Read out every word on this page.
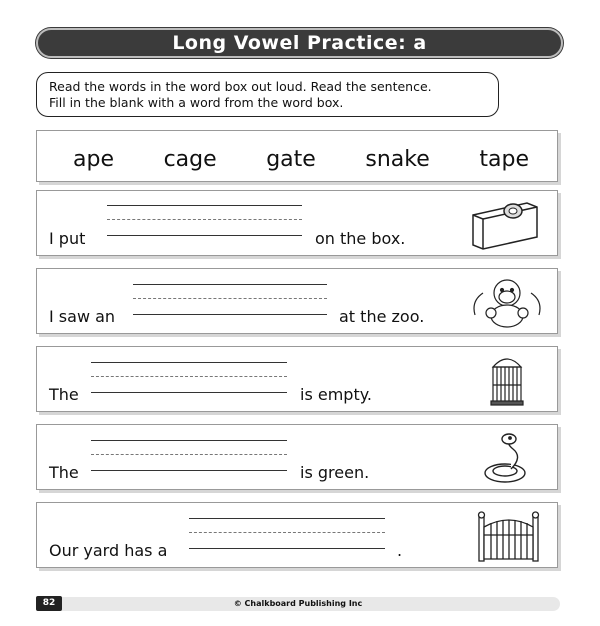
Long Vowel Practice: a
Read the words in the word box out loud. Read the sentence.
Fill in the blank with a word from the word box.
ape cage gate snake tape
I put	on the box.
I saw an	at the zoo.
The	is empty.
The	is green.
Our yard has a	.
© Chalkboard Publishing Inc
82
